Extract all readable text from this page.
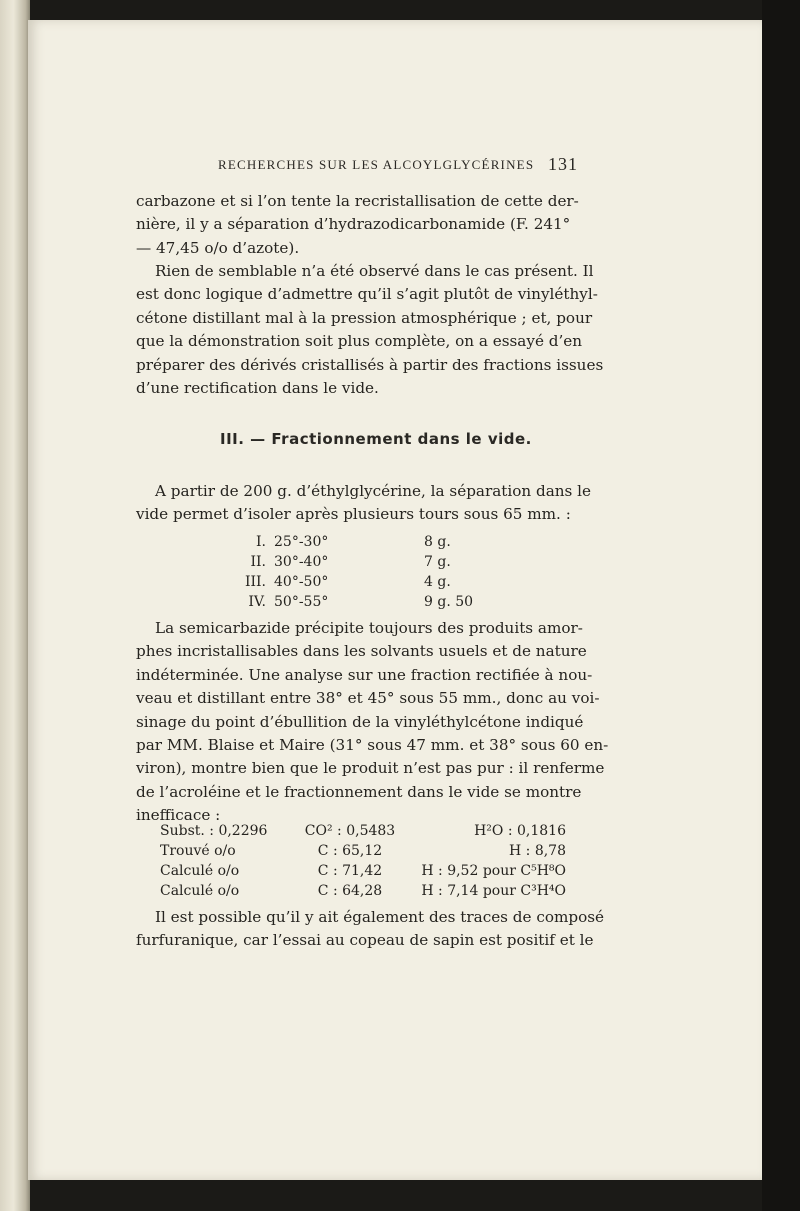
RECHERCHES SUR LES ALCOYLGLYCÉRINES 131

carbazone et si l’on tente la recristallisation de cette der-
nière, il y a séparation d’hydrazodicarbonamide (F. 241°
— 47,45 o/o d’azote).

Rien de semblable n’a été observé dans le cas présent. Il
est donc logique d’admettre qu’il s’agit plutôt de vinyléthyl-
cétone distillant mal à la pression atmosphérique ; et, pour
que la démonstration soit plus complète, on a essayé d’en
préparer des dérivés cristallisés à partir des fractions issues
d’une rectification dans le vide.

III. — Fractionnement dans le vide.

A partir de 200 g. d’éthylglycérine, la séparation dans le
vide permet d’isoler après plusieurs tours sous 65 mm. :

I.	25°-30°	8 g.
II.	30°-40°	7 g.
III.	40°-50°	4 g.
IV.	50°-55°	9 g. 50

La semicarbazide précipite toujours des produits amor-
phes incristallisables dans les solvants usuels et de nature
indéterminée. Une analyse sur une fraction rectifiée à nou-
veau et distillant entre 38° et 45° sous 55 mm., donc au voi-
sinage du point d’ébullition de la vinyléthylcétone indiqué
par MM. Blaise et Maire (31° sous 47 mm. et 38° sous 60 en-
viron), montre bien que le produit n’est pas pur : il renferme
de l’acroléine et le fractionnement dans le vide se montre
inefficace :

Subst. : 0,2296	CO² : 0,5483	H²O : 0,1816
Trouvé o/o	C : 65,12	H : 8,78
Calculé o/o	C : 71,42	H : 9,52 pour C⁵H⁸O
Calculé o/o	C : 64,28	H : 7,14 pour C³H⁴O

Il est possible qu’il y ait également des traces de composé
furfuranique, car l’essai au copeau de sapin est positif et le
